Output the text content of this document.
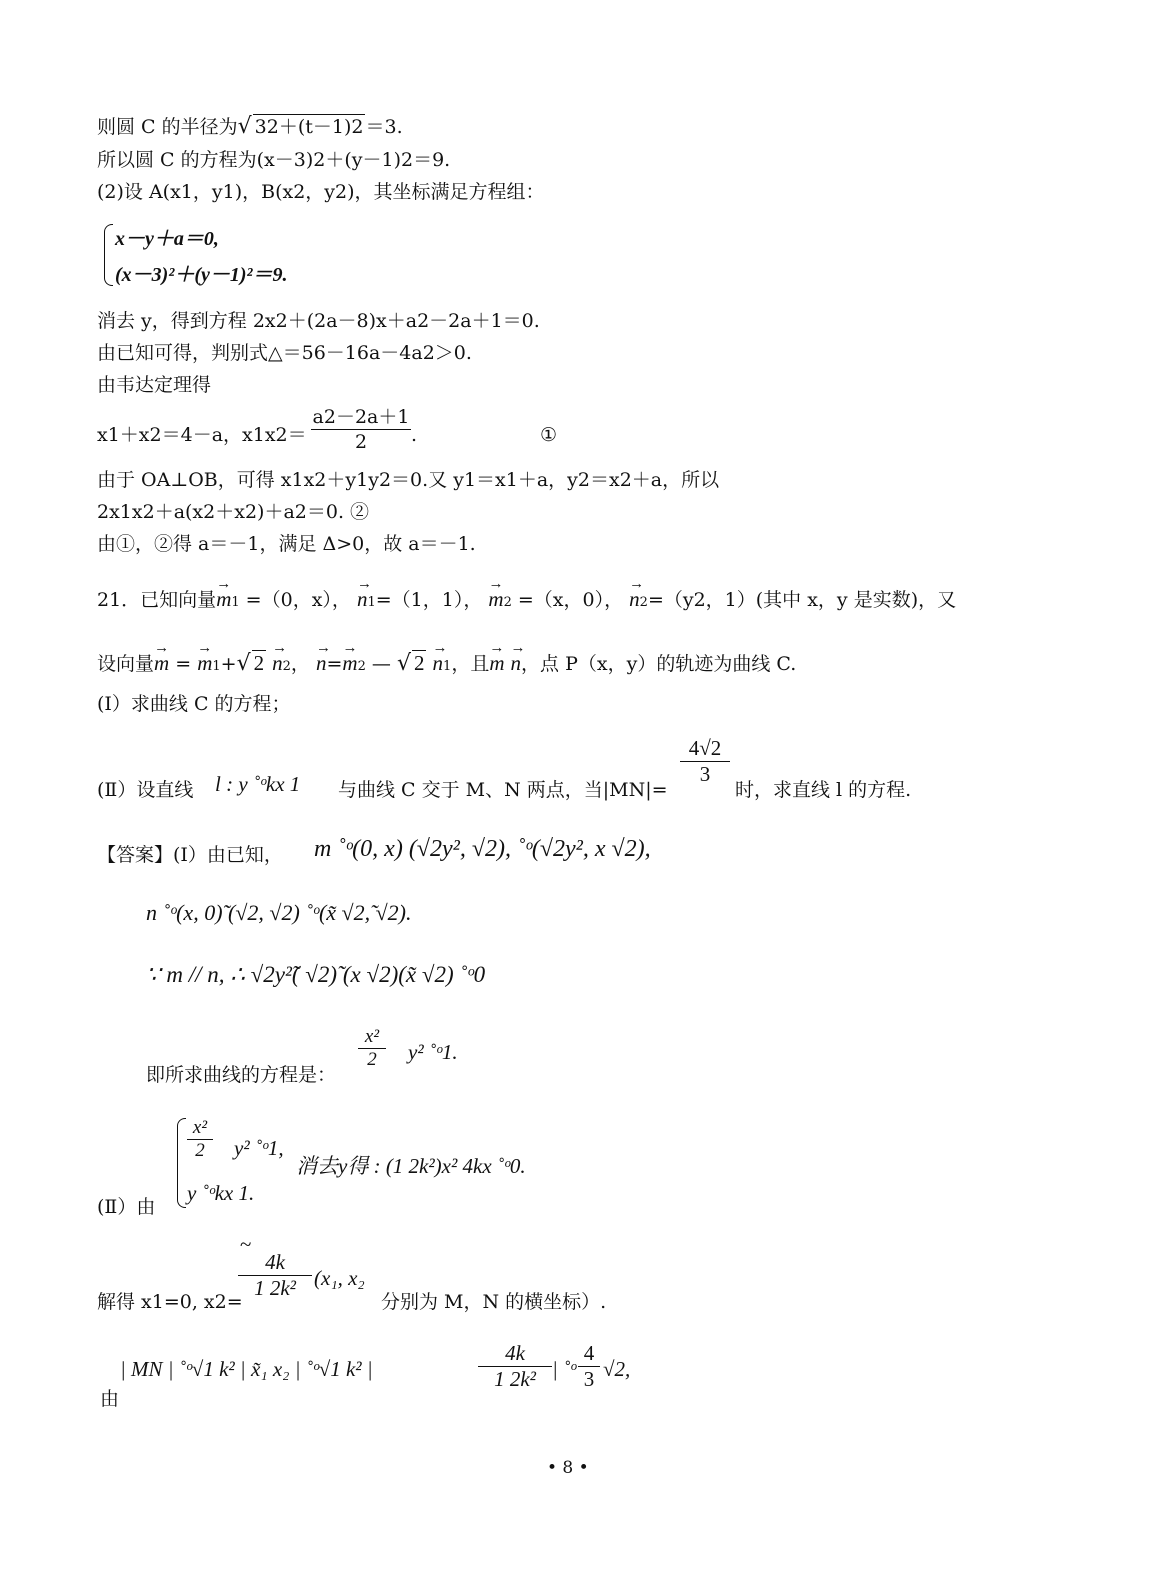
则圆 C 的半径为√ 32＋(t－1)2 ＝3.
所以圆 C 的方程为(x－3)2＋(y－1)2＝9.
(2)设 A(x1，y1)，B(x2，y2)，其坐标满足方程组：
x－y＋a＝0,
(x－3)²＋(y－1)²＝9.
消去 y，得到方程 2x2＋(2a－8)x＋a2－2a＋1＝0.
由已知可得，判别式△＝56－16a－4a2＞0.
由韦达定理得
x1＋x2＝4－a，$x1x2= \frac{a2-2a+1}{2}$ .	①
由于 OA⊥OB，可得 x1x2＋y1y2＝0.又 y1＝x1＋a，y2＝x2＋a，所以
2x1x2＋a(x2＋x2)＋a2＝0. ②
由①，②得 a＝－1，满足 Δ>0，故 a＝－1.
21．已知向量→ m1 =（0，x）， → n1=（1，1）， → m2 =（x，0）， → n2=（y2，1）(其中 x，y 是实数)，又
设向量→ m = → m1+√ 2 → n2， → n=→ m2 — √ 2 → n1，且→ m → n，点 P（x，y）的轨迹为曲线 C.
(Ⅰ）求曲线 C 的方程；
(Ⅱ）设直线 l : y ˚ᵒkx 1 与曲线 C 交于 M、N 两点，当|MN|=
$\frac{4√2}{3}$
时，求直线 l 的方程.
【答案】(I）由已知， m ˚ᵒ(0, x) (√2y², √2), ˚ᵒ(√2y², x √2),
n ˚ᵒ(x, 0)̃ (√2, √2) ˚ᵒ(x̃ √2,̃ √2).
∵ m // n, ∴ √2y²̃( √2)̃ (x √2)(x̃ √2) ˚ᵒ0
即所求曲线的方程是：
$\frac{\text{x²}}{2} y^2$ ˚ᵒ1.
$\frac{\text{x²}}{2} y^2$ ˚ᵒ1,
消去y得 : (1 2k²)x² 4kx ˚ᵒ0.
y ˚ᵒkx 1.
(Ⅱ）由
解得 x1=0, x2=
~
$\frac{4k}{\text{1 2k²}} (x_1$, x₂
分别为 M，N 的横坐标）.
由
| MN | ˚ᵒ√1 k² | x̃₁ x₂ | ˚ᵒ√1 k² |	$\frac{4k}{\text{1 2k²}}$ | ˚ᵒ $\frac{4}{3} √2$,
• 8 •
